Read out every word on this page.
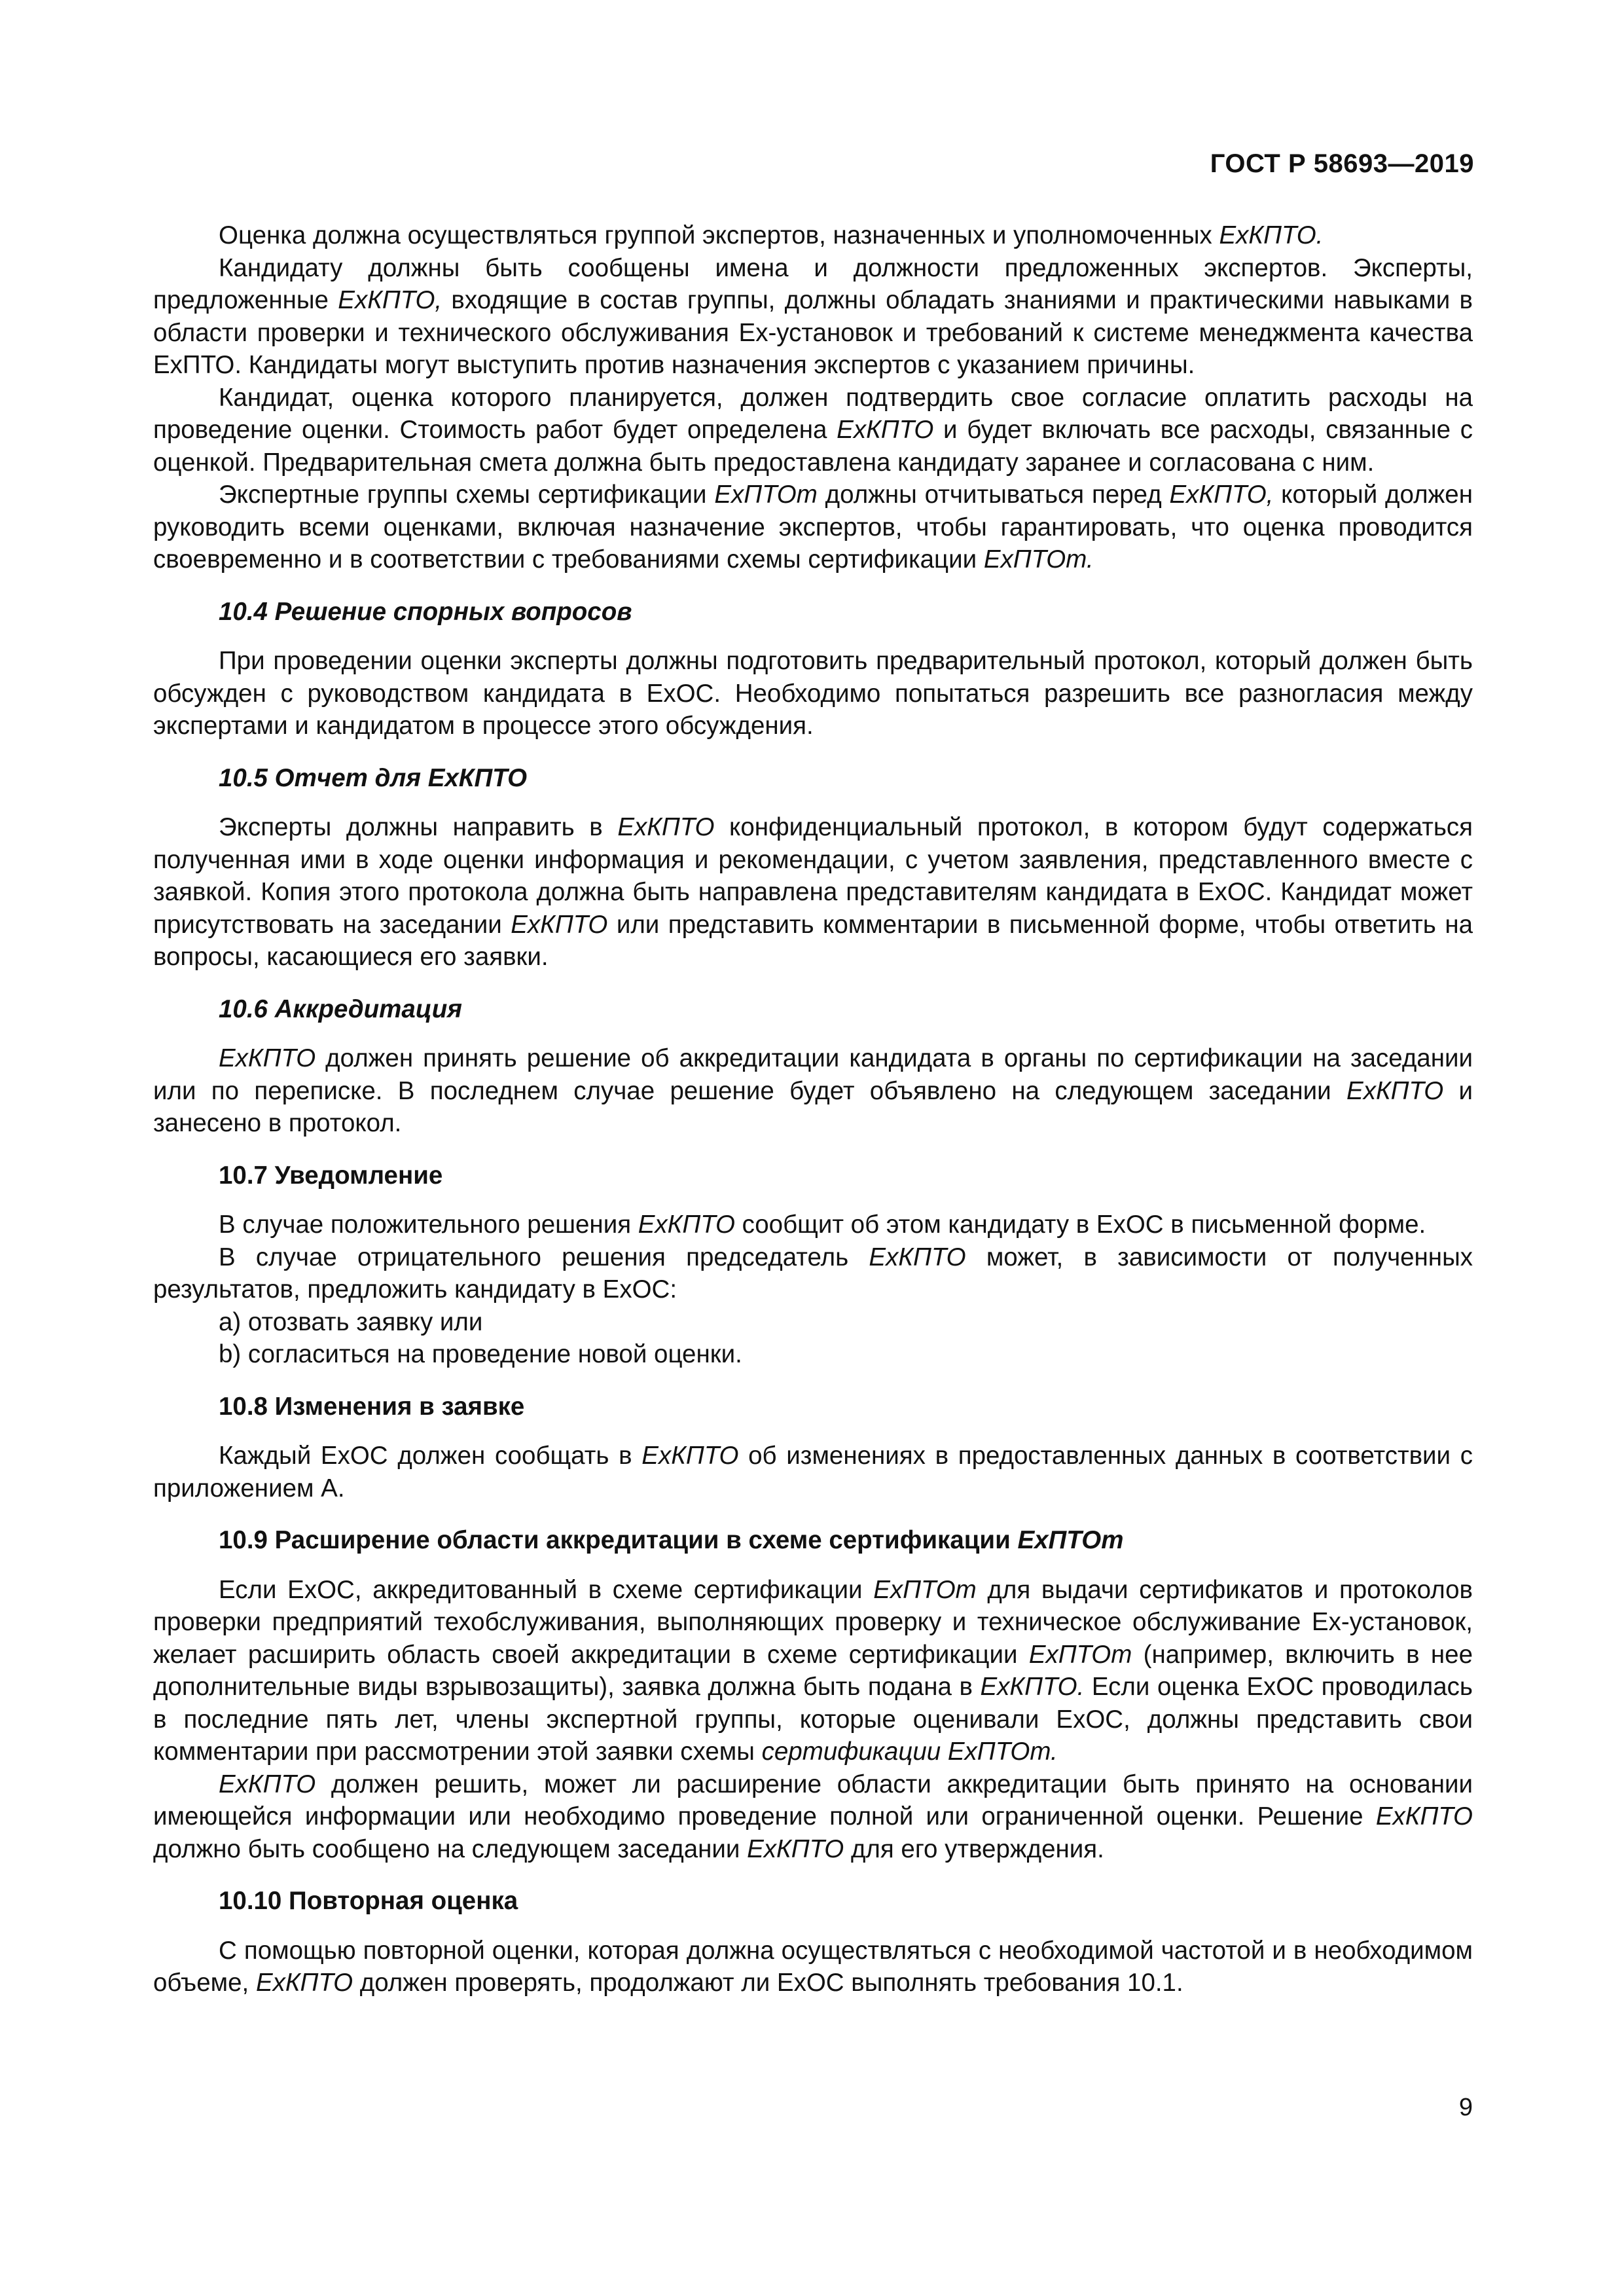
ГОСТ Р 58693—2019

Оценка должна осуществляться группой экспертов, назначенных и уполномоченных ЕхКПТО.

Кандидату должны быть сообщены имена и должности предложенных экспертов. Эксперты, предложенные ЕхКПТО, входящие в состав группы, должны обладать знаниями и практическими навыками в области проверки и технического обслуживания Ех-установок и требований к системе менеджмента качества ЕхПТО. Кандидаты могут выступить против назначения экспертов с указанием причины.

Кандидат, оценка которого планируется, должен подтвердить свое согласие оплатить расходы на проведение оценки. Стоимость работ будет определена ЕхКПТО и будет включать все расходы, связанные с оценкой. Предварительная смета должна быть предоставлена кандидату заранее и согласована с ним.

Экспертные группы схемы сертификации ЕхПТОт должны отчитываться перед ЕхКПТО, который должен руководить всеми оценками, включая назначение экспертов, чтобы гарантировать, что оценка проводится своевременно и в соответствии с требованиями схемы сертификации ЕхПТОт.

10.4 Решение спорных вопросов

При проведении оценки эксперты должны подготовить предварительный протокол, который должен быть обсужден с руководством кандидата в ЕхОС. Необходимо попытаться разрешить все разногласия между экспертами и кандидатом в процессе этого обсуждения.

10.5 Отчет для ЕхКПТО

Эксперты должны направить в ЕхКПТО конфиденциальный протокол, в котором будут содержаться полученная ими в ходе оценки информация и рекомендации, с учетом заявления, представленного вместе с заявкой. Копия этого протокола должна быть направлена представителям кандидата в ЕхОС. Кандидат может присутствовать на заседании ЕхКПТО или представить комментарии в письменной форме, чтобы ответить на вопросы, касающиеся его заявки.

10.6 Аккредитация

ЕхКПТО должен принять решение об аккредитации кандидата в органы по сертификации на заседании или по переписке. В последнем случае решение будет объявлено на следующем заседании ЕхКПТО и занесено в протокол.

10.7 Уведомление

В случае положительного решения ЕхКПТО сообщит об этом кандидату в ЕхОС в письменной форме.

В случае отрицательного решения председатель ЕхКПТО может, в зависимости от полученных результатов, предложить кандидату в ЕхОС:

a) отозвать заявку или

b) согласиться на проведение новой оценки.

10.8 Изменения в заявке

Каждый ЕхОС должен сообщать в ЕхКПТО об изменениях в предоставленных данных в соответствии с приложением А.

10.9 Расширение области аккредитации в схеме сертификации ЕхПТОт

Если ЕхОС, аккредитованный в схеме сертификации ЕхПТОт для выдачи сертификатов и протоколов проверки предприятий техобслуживания, выполняющих проверку и техническое обслуживание Ех-установок, желает расширить область своей аккредитации в схеме сертификации ЕхПТОт (например, включить в нее дополнительные виды взрывозащиты), заявка должна быть подана в ЕхКПТО. Если оценка ЕхОС проводилась в последние пять лет, члены экспертной группы, которые оценивали ЕхОС, должны представить свои комментарии при рассмотрении этой заявки схемы сертификации ЕхПТОт.

ЕхКПТО должен решить, может ли расширение области аккредитации быть принято на основании имеющейся информации или необходимо проведение полной или ограниченной оценки. Решение ЕхКПТО должно быть сообщено на следующем заседании ЕхКПТО для его утверждения.

10.10 Повторная оценка

С помощью повторной оценки, которая должна осуществляться с необходимой частотой и в необходимом объеме, ЕхКПТО должен проверять, продолжают ли ЕхОС выполнять требования 10.1.

9
